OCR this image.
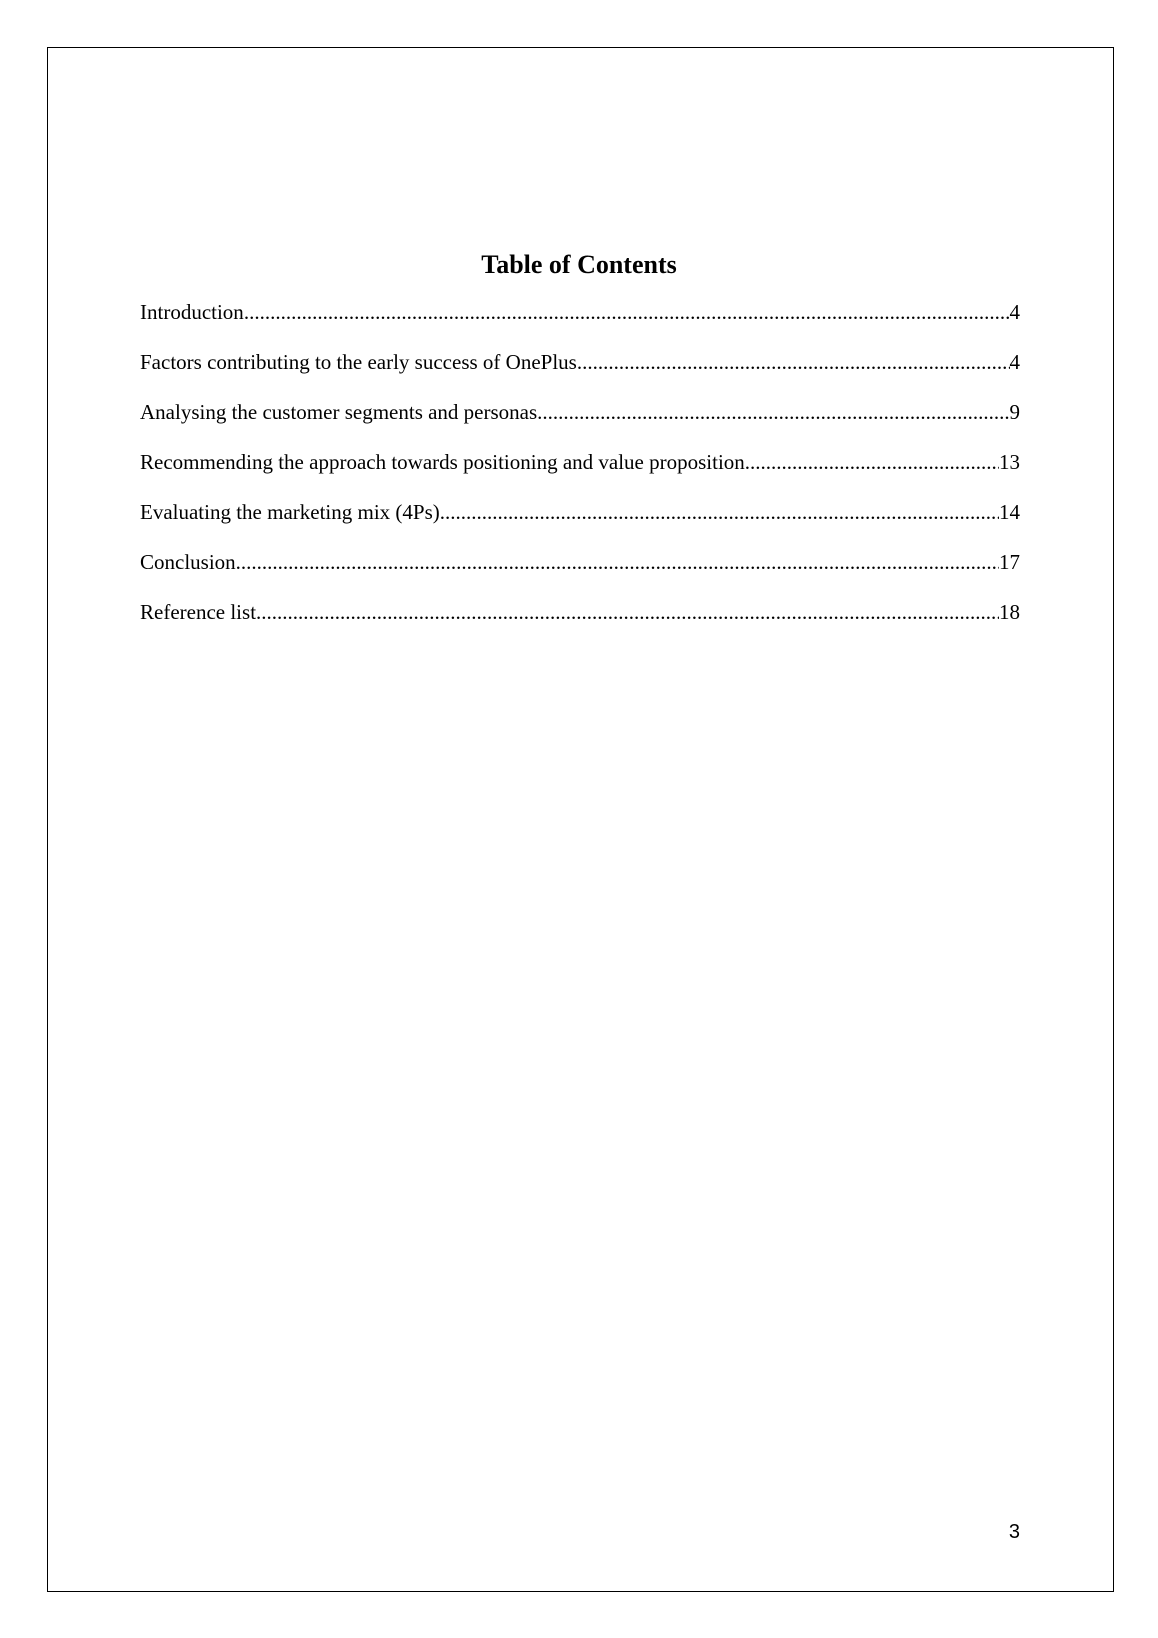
Table of Contents
Introduction .....	4
Factors contributing to the early success of OnePlus .....	4
Analysing the customer segments and personas .....	9
Recommending the approach towards positioning and value proposition .....	13
Evaluating the marketing mix (4Ps) .....	14
Conclusion .....	17
Reference list .....	18
3
